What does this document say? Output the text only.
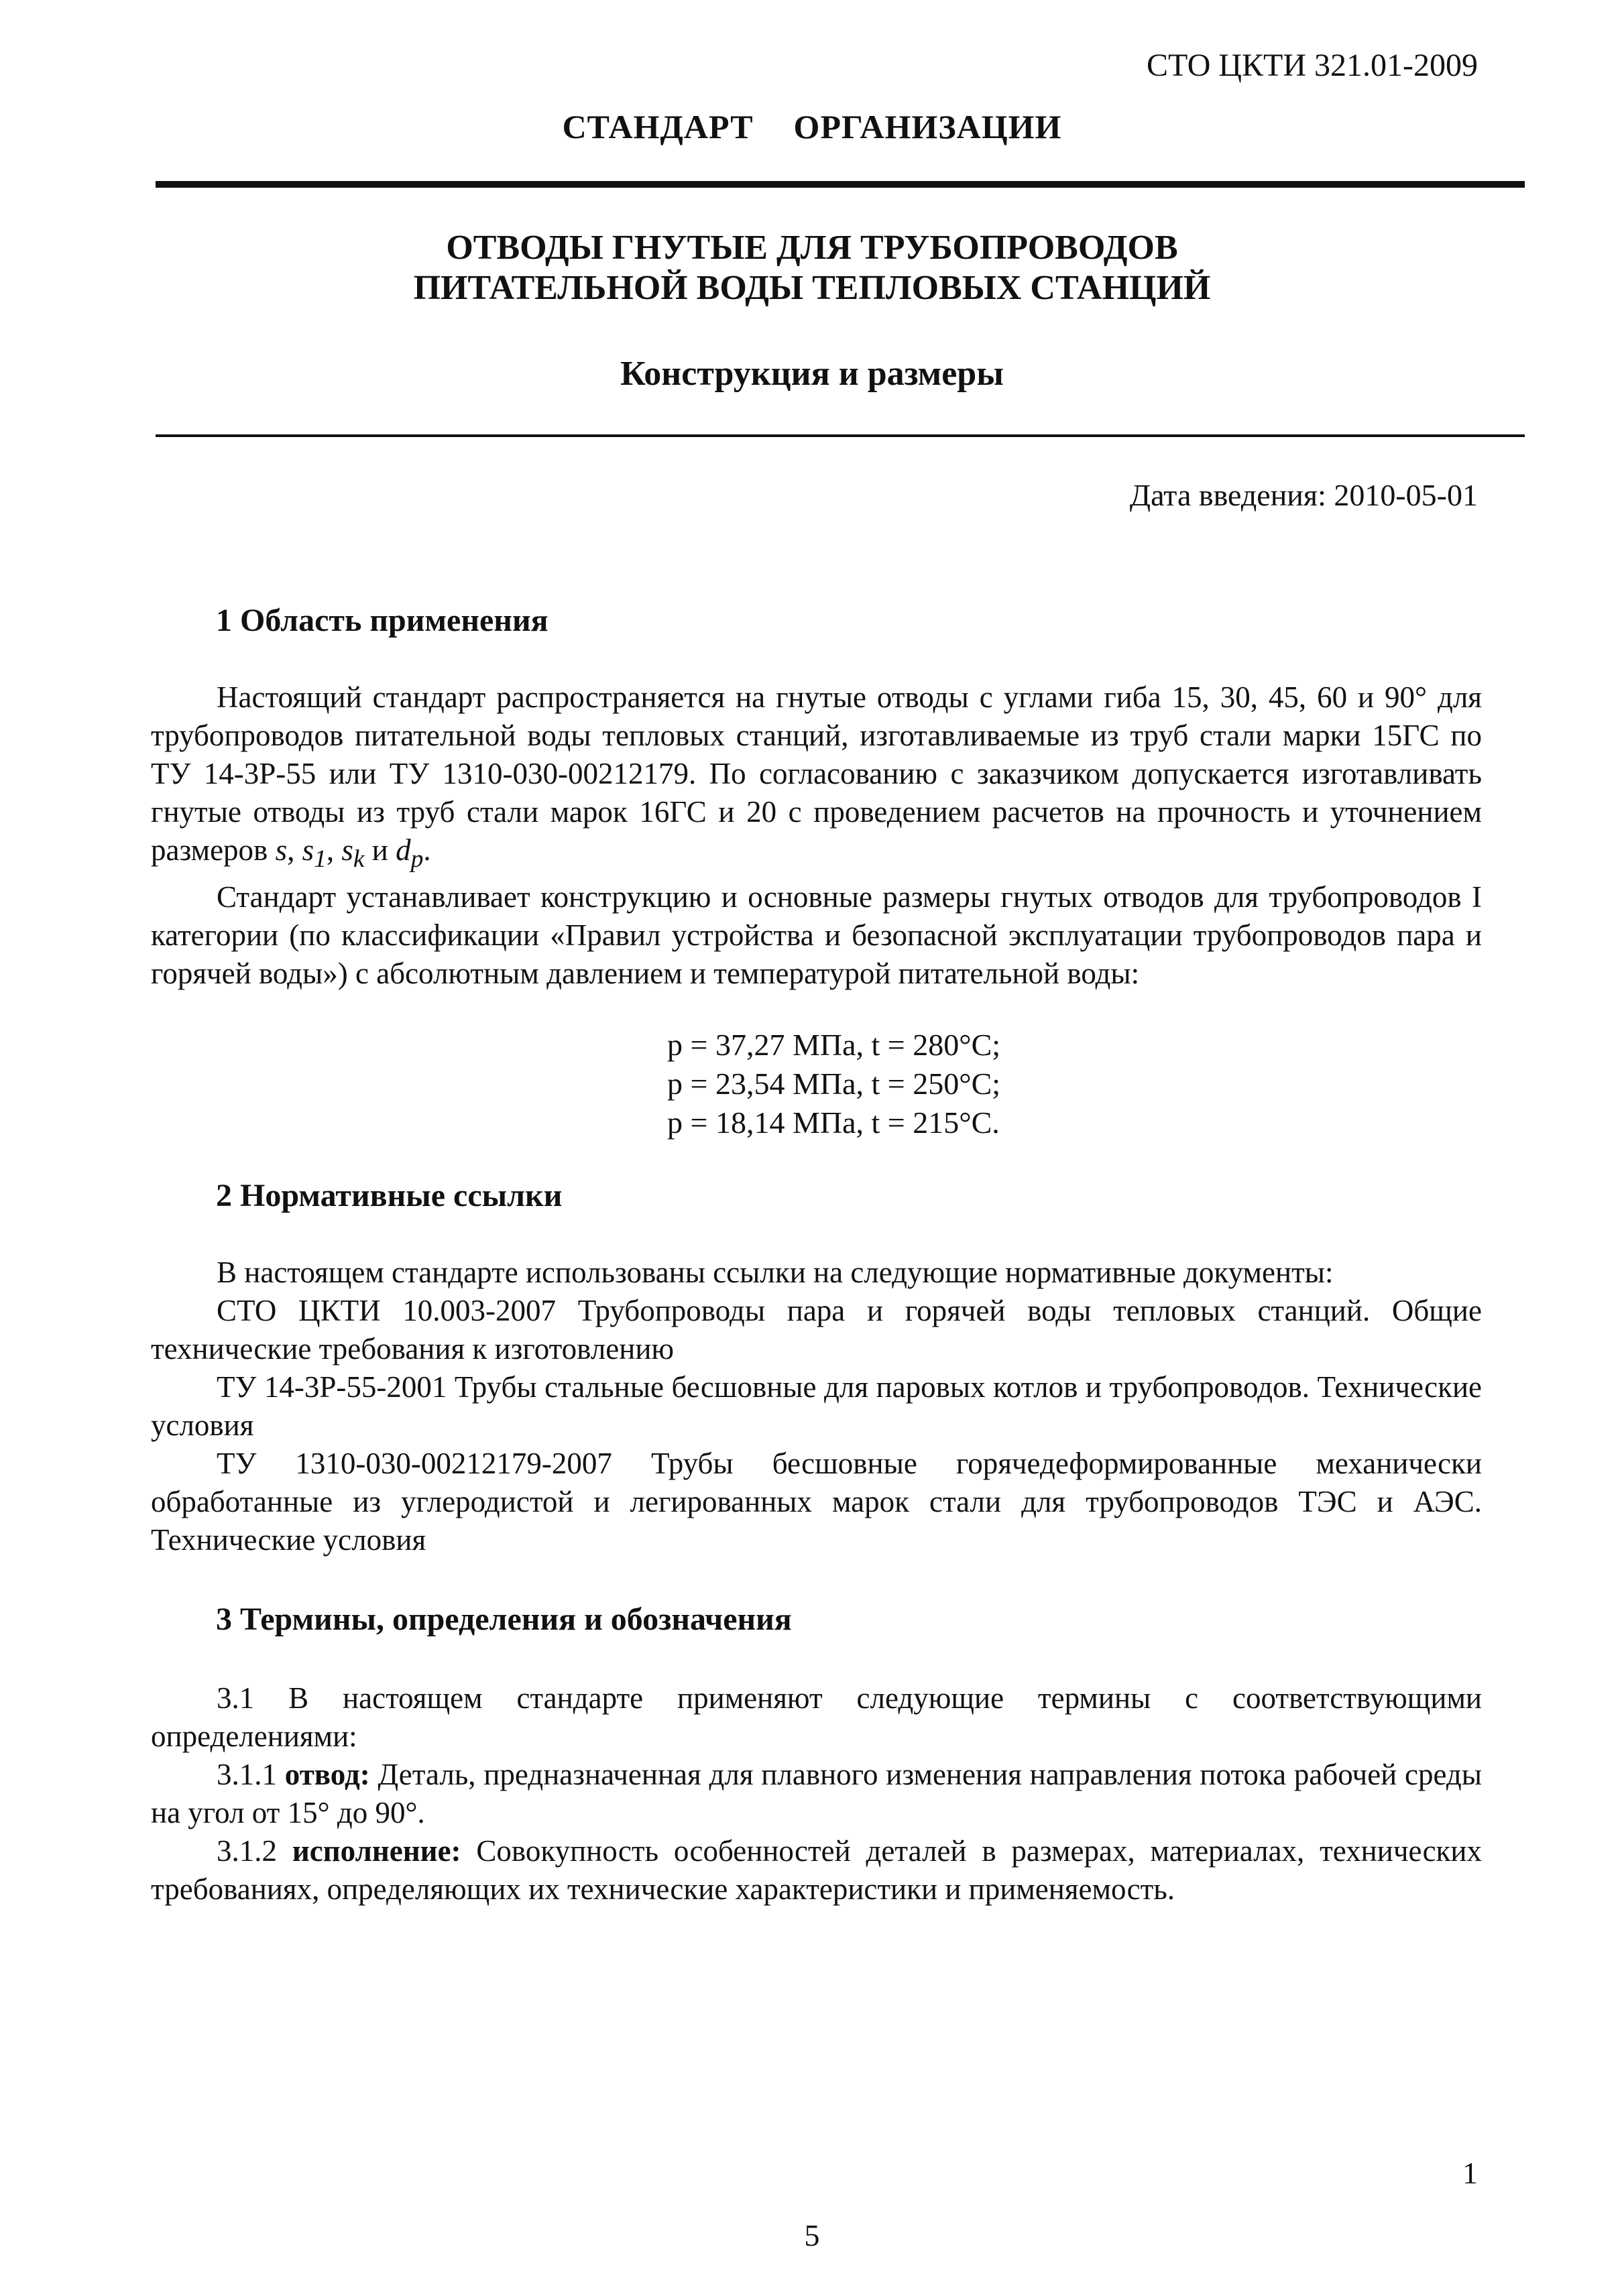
СТО ЦКТИ 321.01-2009
СТАНДАРТ ОРГАНИЗАЦИИ
ОТВОДЫ ГНУТЫЕ ДЛЯ ТРУБОПРОВОДОВ
ПИТАТЕЛЬНОЙ ВОДЫ ТЕПЛОВЫХ СТАНЦИЙ
Конструкция и размеры
Дата введения: 2010-05-01
1 Область применения

Настоящий стандарт распространяется на гнутые отводы с углами гиба 15, 30, 45, 60 и 90° для трубопроводов питательной воды тепловых станций, изготавливаемые из труб стали марки 15ГС по ТУ 14-3Р-55 или ТУ 1310-030-00212179. По согласованию с заказчиком допускается изготавливать гнутые отводы из труб стали марок 16ГС и 20 с проведением расчетов на прочность и уточнением размеров s, $s_1$, $s_k$ и $d_p$.

Стандарт устанавливает конструкцию и основные размеры гнутых отводов для трубопроводов I категории (по классификации «Правил устройства и безопасной эксплуатации трубопроводов пара и горячей воды») с абсолютным давлением и температурой питательной воды:

р = 37,27 МПа, t = 280°С;
р = 23,54 МПа, t = 250°С;
р = 18,14 МПа, t = 215°С.
2 Нормативные ссылки

В настоящем стандарте использованы ссылки на следующие нормативные документы:

СТО ЦКТИ 10.003-2007 Трубопроводы пара и горячей воды тепловых станций. Общие технические требования к изготовлению

ТУ 14-3Р-55-2001 Трубы стальные бесшовные для паровых котлов и трубопроводов. Технические условия

ТУ 1310-030-00212179-2007 Трубы бесшовные горячедеформированные механически обработанные из углеродистой и легированных марок стали для трубопроводов ТЭС и АЭС. Технические условия

3 Термины, определения и обозначения

3.1 В настоящем стандарте применяют следующие термины с соответствующими определениями:

3.1.1 отвод: Деталь, предназначенная для плавного изменения направления потока рабочей среды на угол от 15° до 90°.

3.1.2 исполнение: Совокупность особенностей деталей в размерах, материалах, технических требованиях, определяющих их технические характеристики и применяемость.

1
5
